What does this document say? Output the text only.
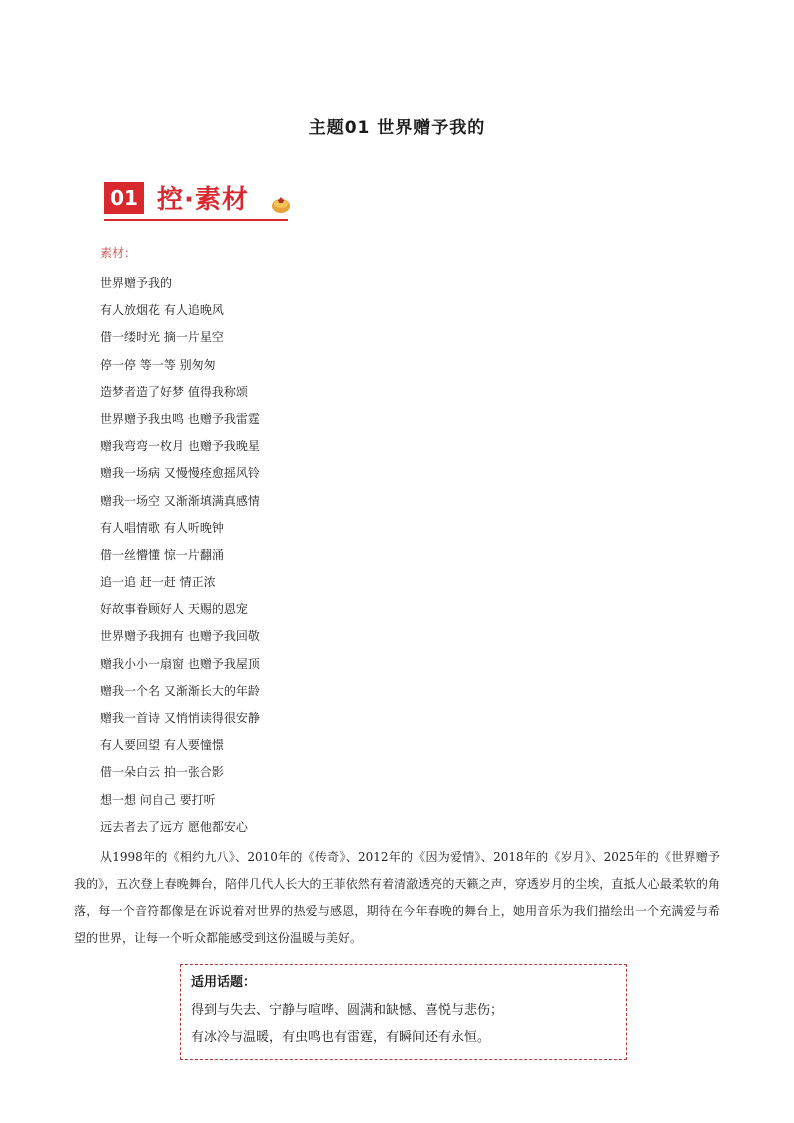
主题01 世界赠予我的
01 控·素材
素材：
世界赠予我的
有人放烟花 有人追晚风
借一缕时光 摘一片星空
停一停 等一等 别匆匆
造梦者造了好梦 值得我称颂
世界赠予我虫鸣 也赠予我雷霆
赠我弯弯一枚月 也赠予我晚星
赠我一场病 又慢慢痊愈摇风铃
赠我一场空 又渐渐填满真感情
有人唱情歌 有人听晚钟
借一丝懵懂 惊一片翻涌
追一追 赶一赶 情正浓
好故事眷顾好人 天赐的恩宠
世界赠予我拥有 也赠予我回敬
赠我小小一扇窗 也赠予我屋顶
赠我一个名 又渐渐长大的年龄
赠我一首诗 又悄悄读得很安静
有人要回望 有人要憧憬
借一朵白云 拍一张合影
想一想 问自己 要打听
远去者去了远方 愿他都安心
从1998年的《相约九八》、2010年的《传奇》、2012年的《因为爱情》、2018年的《岁月》、2025年的《世界赠予我的》，五次登上春晚舞台，陪伴几代人长大的王菲依然有着清澈透亮的天籁之声，穿透岁月的尘埃，直抵人心最柔软的角落，每一个音符都像是在诉说着对世界的热爱与感恩，期待在今年春晚的舞台上，她用音乐为我们描绘出一个充满爱与希望的世界，让每一个听众都能感受到这份温暖与美好。
适用话题：
得到与失去、宁静与喧哗、圆满和缺憾、喜悦与悲伤；
有冰冷与温暖，有虫鸣也有雷霆，有瞬间还有永恒。
